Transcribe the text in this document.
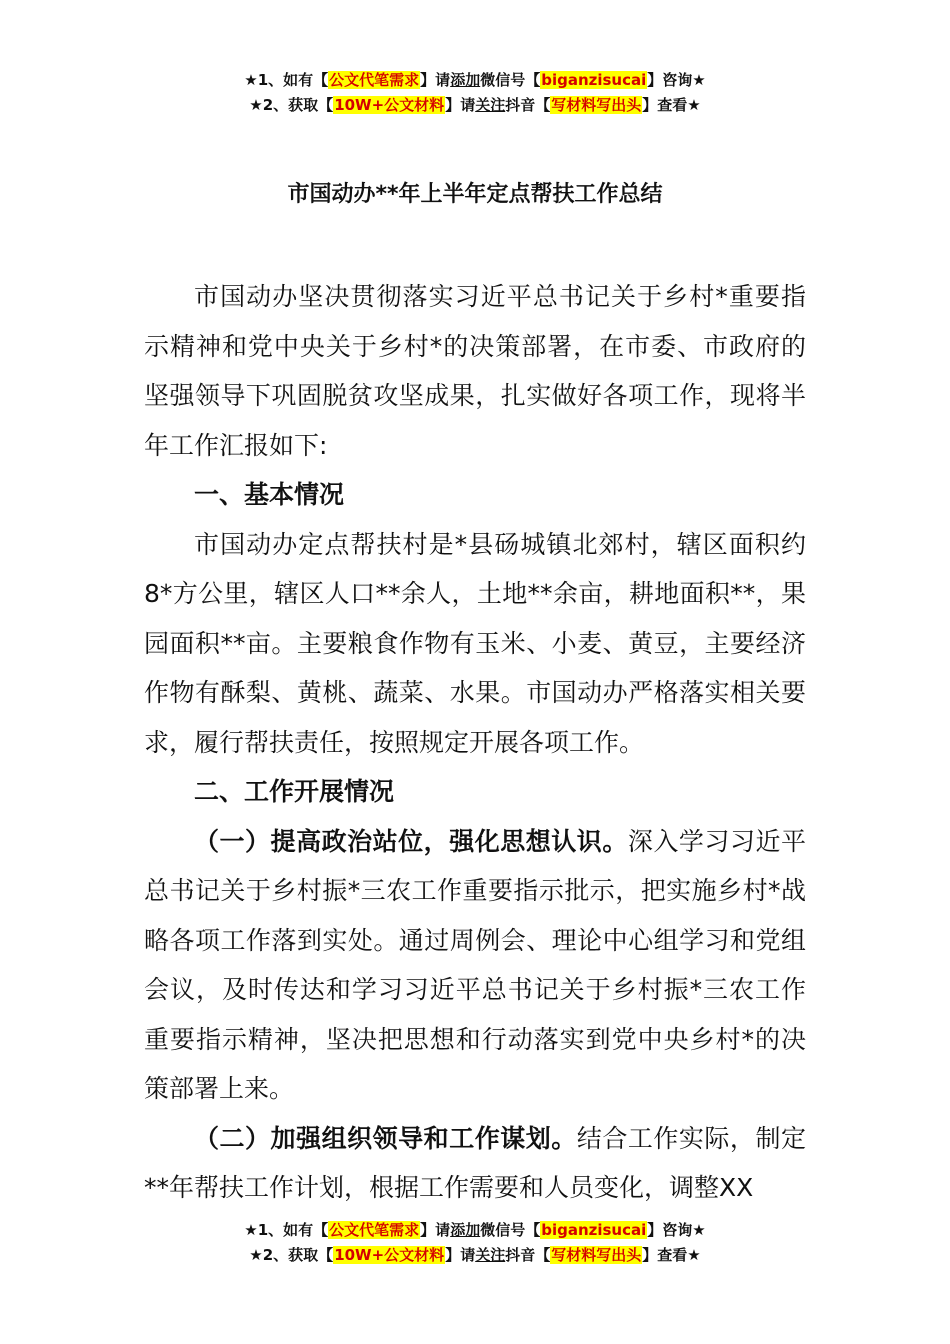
★1、如有【公文代笔需求】请添加微信号【biganzisucai】咨询★
★2、获取【10W+公文材料】请关注抖音【写材料写出头】查看★
市国动办**年上半年定点帮扶工作总结

市国动办坚决贯彻落实习近平总书记关于乡村*重要指示精神和党中央关于乡村*的决策部署，在市委、市政府的坚强领导下巩固脱贫攻坚成果，扎实做好各项工作，现将半年工作汇报如下:

一、基本情况

市国动办定点帮扶村是*县砀城镇北郊村，辖区面积约8*方公里，辖区人口**余人，土地**余亩，耕地面积**，果园面积**亩。主要粮食作物有玉米、小麦、黄豆，主要经济作物有酥梨、黄桃、蔬菜、水果。市国动办严格落实相关要求，履行帮扶责任，按照规定开展各项工作。

二、工作开展情况

（一）提高政治站位，强化思想认识。深入学习习近平总书记关于乡村振*三农工作重要指示批示，把实施乡村*战略各项工作落到实处。通过周例会、理论中心组学习和党组会议，及时传达和学习习近平总书记关于乡村振*三农工作重要指示精神，坚决把思想和行动落实到党中央乡村*的决策部署上来。

（二）加强组织领导和工作谋划。结合工作实际，制定**年帮扶工作计划，根据工作需要和人员变化，调整XX

★1、如有【公文代笔需求】请添加微信号【biganzisucai】咨询★
★2、获取【10W+公文材料】请关注抖音【写材料写出头】查看★
